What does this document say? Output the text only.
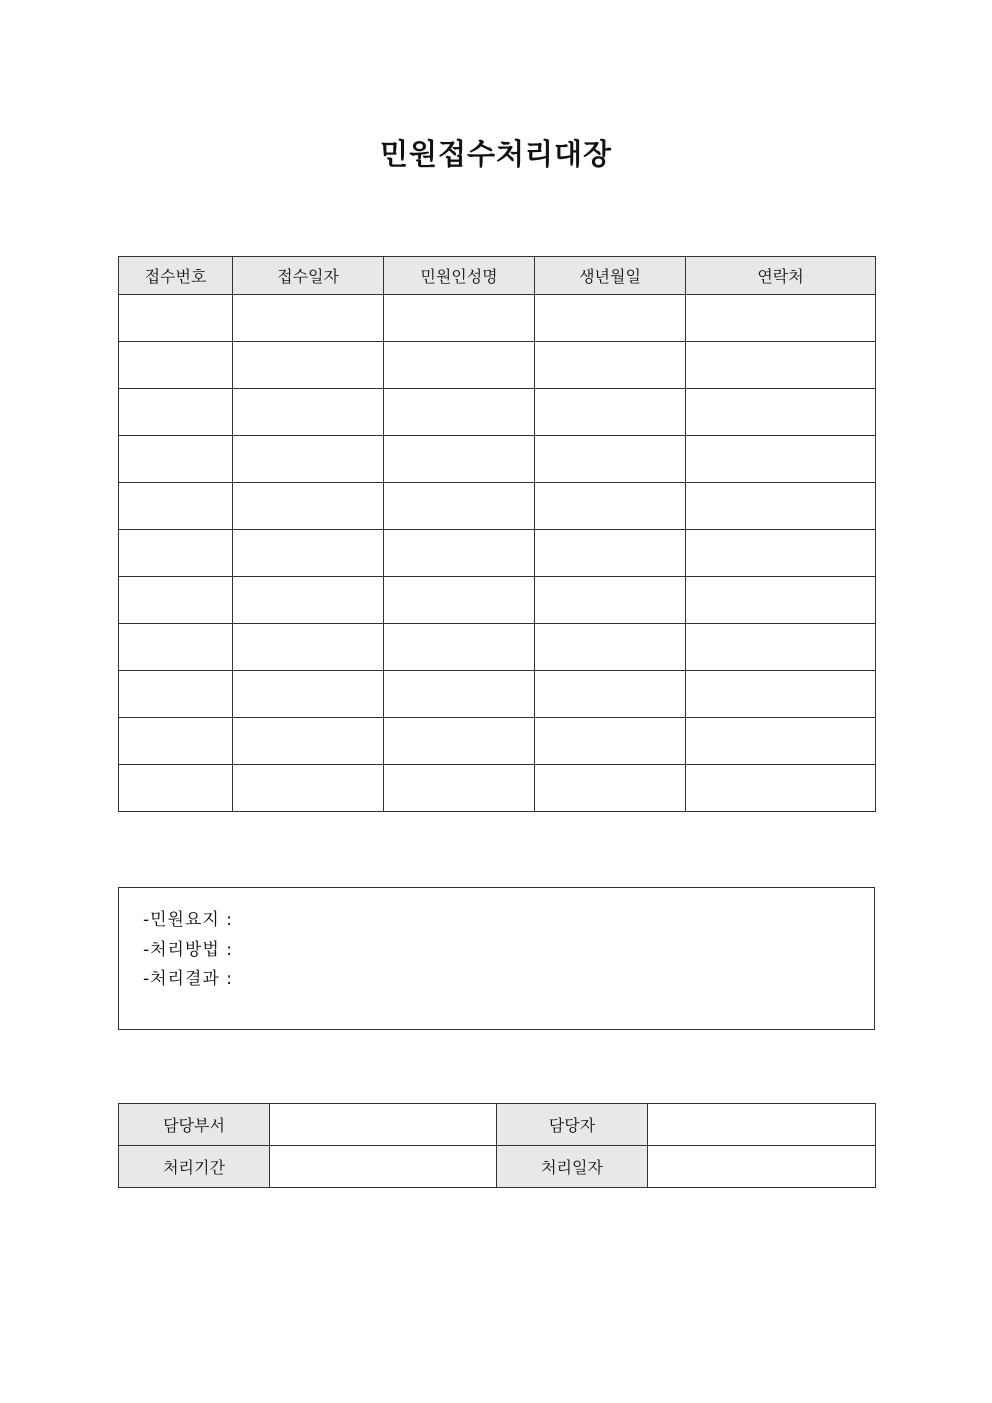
민원접수처리대장
접수번호	접수일자	민원인성명	생년월일	연락처

-민원요지 :
-처리방법 :
-처리결과 :
담당부서		담당자	
처리기간		처리일자	
